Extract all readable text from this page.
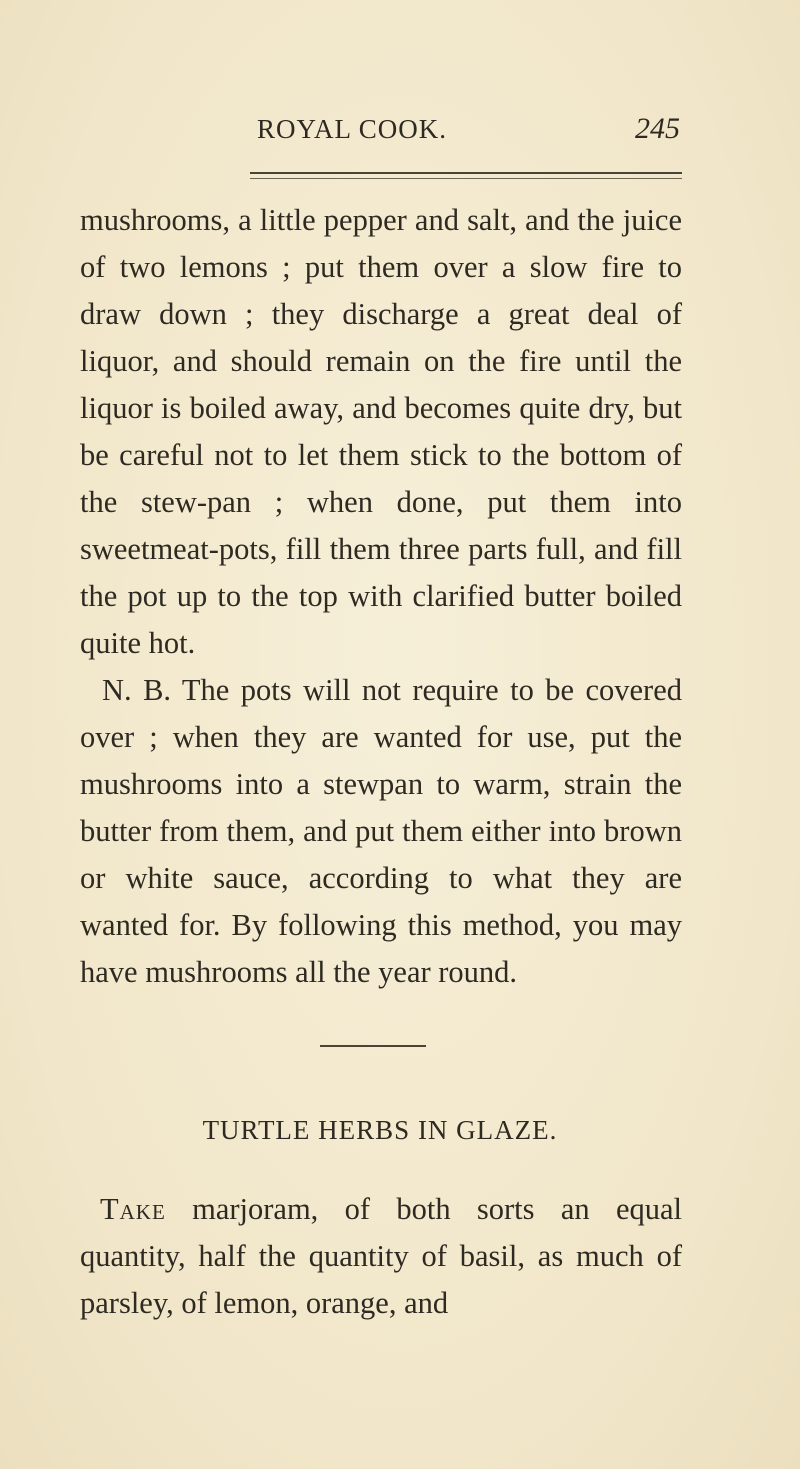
ROYAL COOK.	245

mushrooms, a little pepper and salt, and the juice of two lemons ; put them over a slow fire to draw down ; they discharge a great deal of liquor, and should remain on the fire until the liquor is boiled away, and becomes quite dry, but be careful not to let them stick to the bottom of the stew-pan ; when done, put them into sweetmeat-pots, fill them three parts full, and fill the pot up to the top with clarified butter boiled quite hot.

N. B. The pots will not require to be covered over ; when they are wanted for use, put the mushrooms into a stewpan to warm, strain the butter from them, and put them either into brown or white sauce, according to what they are wanted for. By following this method, you may have mushrooms all the year round.

TURTLE HERBS IN GLAZE.

Take marjoram, of both sorts an equal quantity, half the quantity of basil, as much of parsley, of lemon, orange, and
